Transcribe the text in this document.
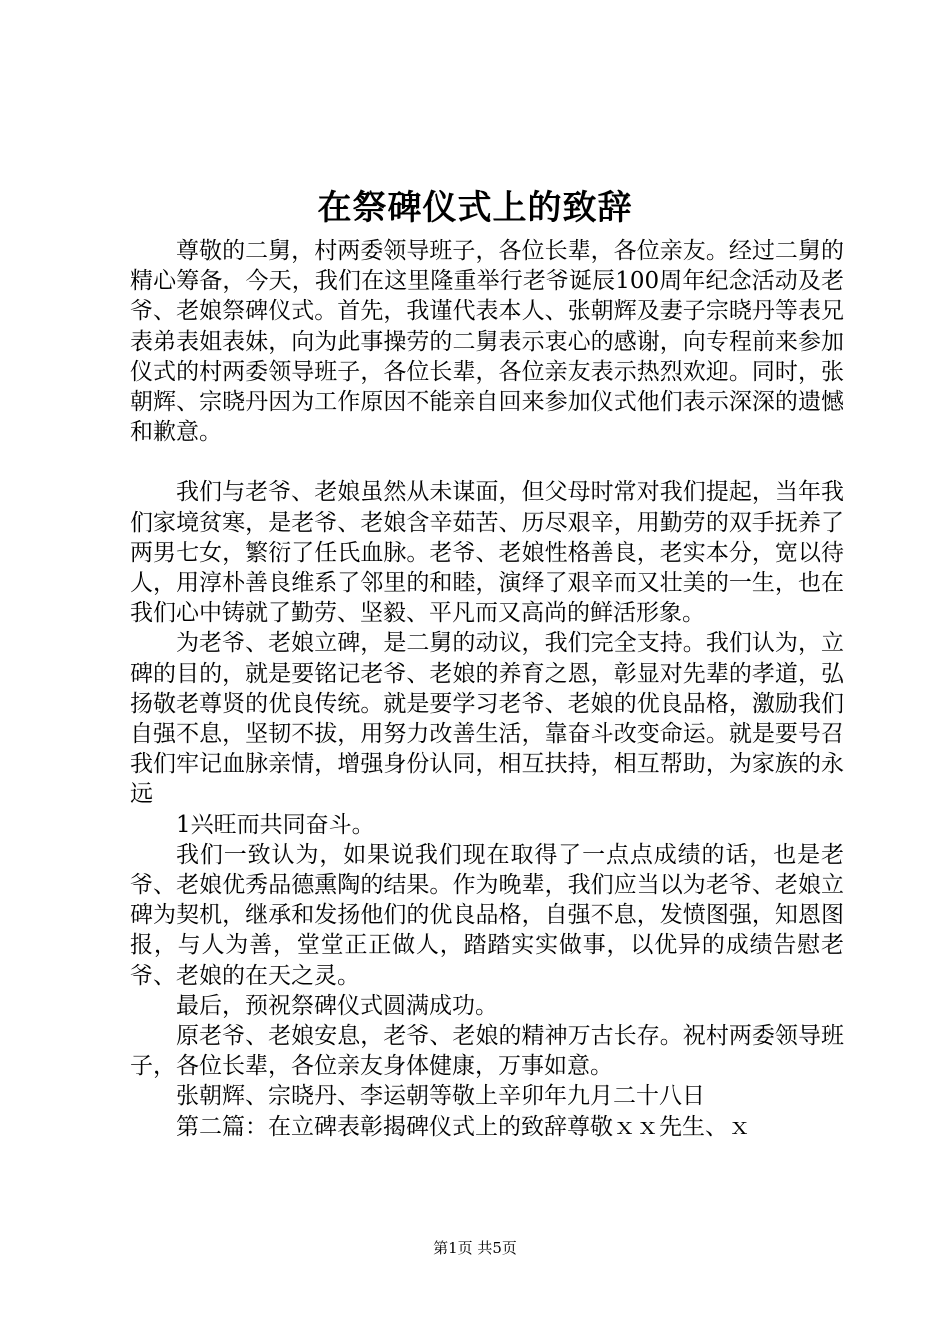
在祭碑仪式上的致辞

尊敬的二舅，村两委领导班子，各位长辈，各位亲友。经过二舅的精心筹备，今天，我们在这里隆重举行老爷诞辰100周年纪念活动及老爷、老娘祭碑仪式。首先，我谨代表本人、张朝辉及妻子宗晓丹等表兄表弟表姐表妹，向为此事操劳的二舅表示衷心的感谢，向专程前来参加仪式的村两委领导班子，各位长辈，各位亲友表示热烈欢迎。同时，张朝辉、宗晓丹因为工作原因不能亲自回来参加仪式他们表示深深的遗憾和歉意。

我们与老爷、老娘虽然从未谋面，但父母时常对我们提起，当年我们家境贫寒，是老爷、老娘含辛茹苦、历尽艰辛，用勤劳的双手抚养了两男七女，繁衍了任氏血脉。老爷、老娘性格善良，老实本分，宽以待人，用淳朴善良维系了邻里的和睦，演绎了艰辛而又壮美的一生，也在我们心中铸就了勤劳、坚毅、平凡而又高尚的鲜活形象。

为老爷、老娘立碑，是二舅的动议，我们完全支持。我们认为，立碑的目的，就是要铭记老爷、老娘的养育之恩，彰显对先辈的孝道，弘扬敬老尊贤的优良传统。就是要学习老爷、老娘的优良品格，激励我们自强不息，坚韧不拔，用努力改善生活，靠奋斗改变命运。就是要号召我们牢记血脉亲情，增强身份认同，相互扶持，相互帮助，为家族的永远

1兴旺而共同奋斗。

我们一致认为，如果说我们现在取得了一点点成绩的话，也是老爷、老娘优秀品德熏陶的结果。作为晚辈，我们应当以为老爷、老娘立碑为契机，继承和发扬他们的优良品格，自强不息，发愤图强，知恩图报，与人为善，堂堂正正做人，踏踏实实做事，以优异的成绩告慰老爷、老娘的在天之灵。

最后，预祝祭碑仪式圆满成功。

原老爷、老娘安息，老爷、老娘的精神万古长存。祝村两委领导班子，各位长辈，各位亲友身体健康，万事如意。

张朝辉、宗晓丹、李运朝等敬上辛卯年九月二十八日

第二篇：在立碑表彰揭碑仪式上的致辞尊敬ｘｘ先生、ｘ

第1页 共5页
